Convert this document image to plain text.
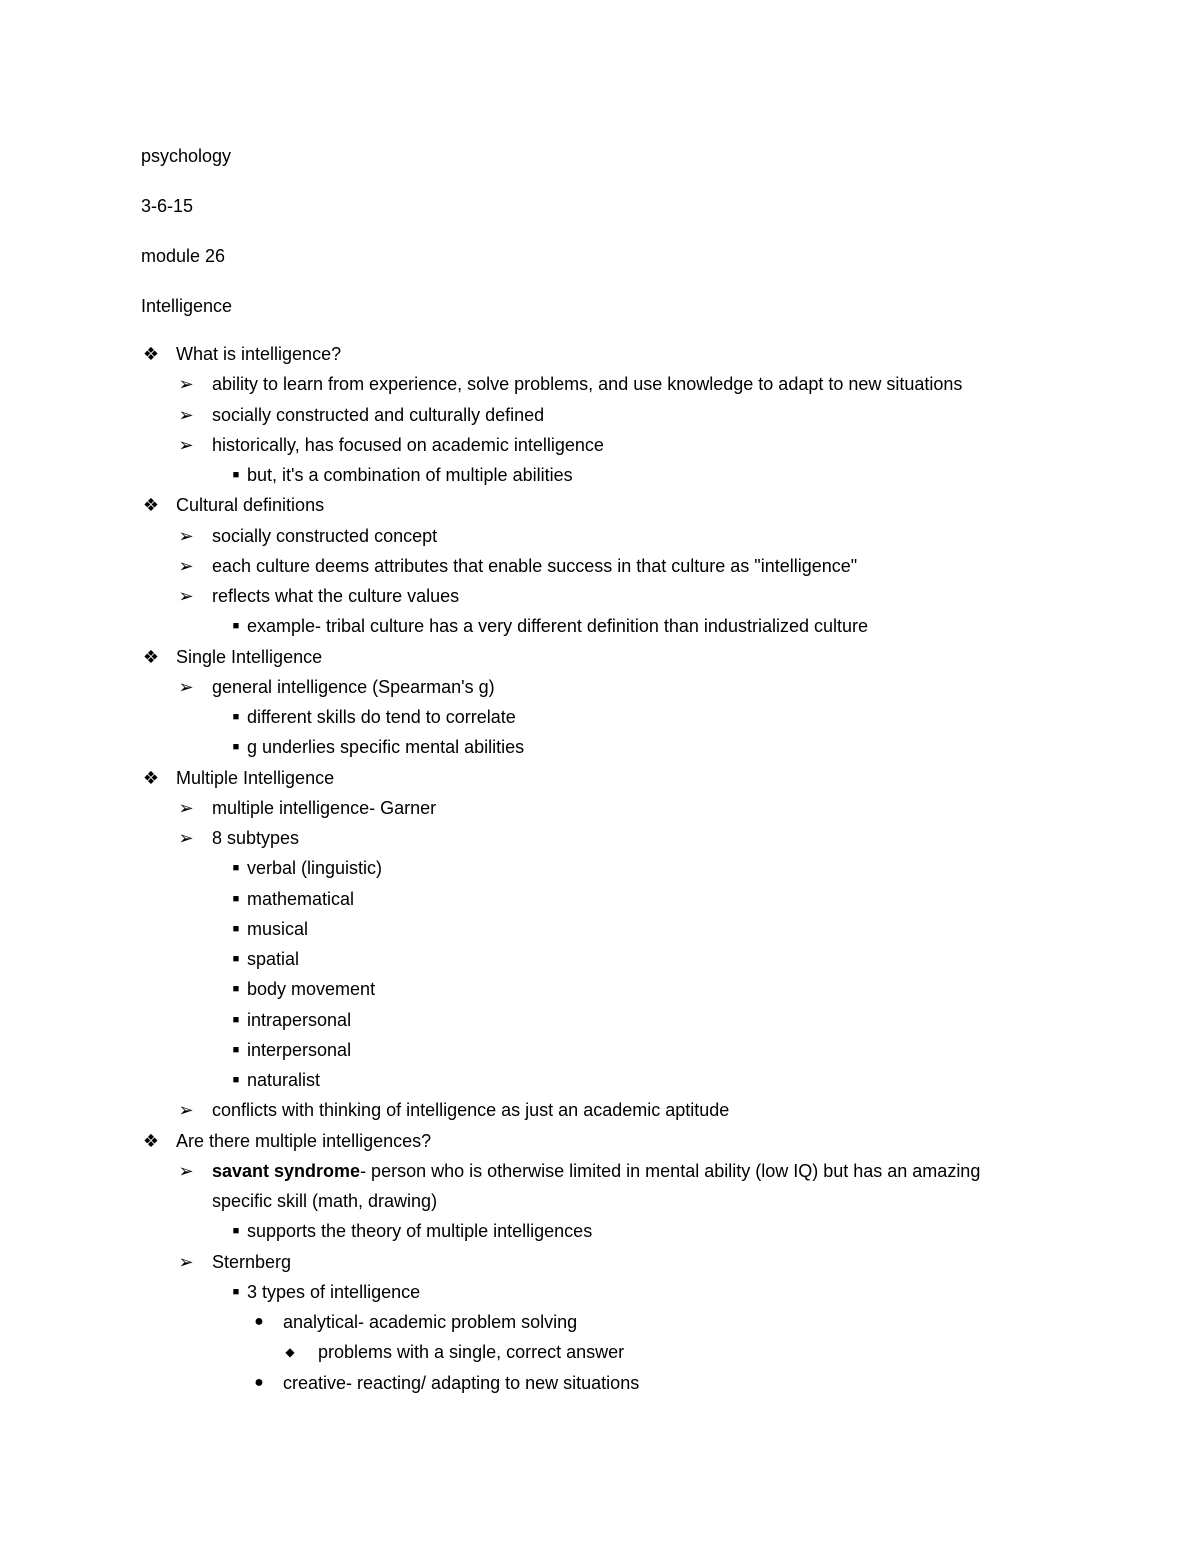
psychology
3-6-15
module 26
Intelligence
❖ What is intelligence?
➢ ability to learn from experience, solve problems, and use knowledge to adapt to new situations
➢ socially constructed and culturally defined
➢ historically, has focused on academic intelligence
■ but, it's a combination of multiple abilities
❖ Cultural definitions
➢ socially constructed concept
➢ each culture deems attributes that enable success in that culture as "intelligence"
➢ reflects what the culture values
■ example- tribal culture has a very different definition than industrialized culture
❖ Single Intelligence
➢ general intelligence (Spearman's g)
■ different skills do tend to correlate
■ g underlies specific mental abilities
❖ Multiple Intelligence
➢ multiple intelligence- Garner
➢ 8 subtypes
■ verbal (linguistic)
■ mathematical
■ musical
■ spatial
■ body movement
■ intrapersonal
■ interpersonal
■ naturalist
➢ conflicts with thinking of intelligence as just an academic aptitude
❖ Are there multiple intelligences?
➢ savant syndrome- person who is otherwise limited in mental ability (low IQ) but has an amazing
specific skill (math, drawing)
■ supports the theory of multiple intelligences
➢ Sternberg
■ 3 types of intelligence
●	analytical- academic problem solving
◆	problems with a single, correct answer
●	creative- reacting/ adapting to new situations
